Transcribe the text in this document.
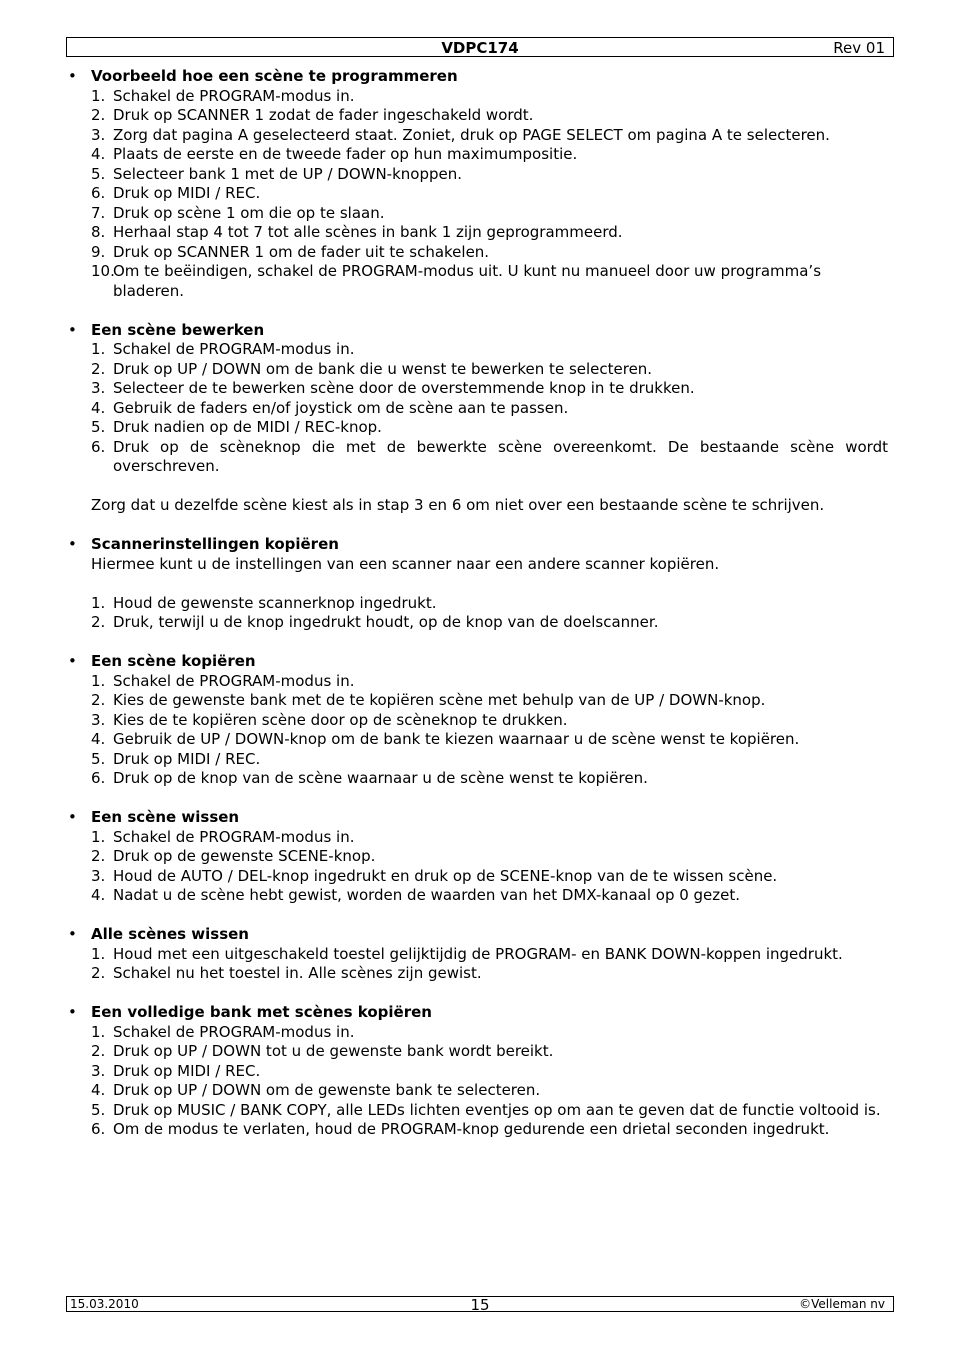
VDPC174	Rev 01
• Voorbeeld hoe een scène te programmeren
1. Schakel de PROGRAM-modus in.
2. Druk op SCANNER 1 zodat de fader ingeschakeld wordt.
3. Zorg dat pagina A geselecteerd staat. Zoniet, druk op PAGE SELECT om pagina A te selecteren.
4. Plaats de eerste en de tweede fader op hun maximumpositie.
5. Selecteer bank 1 met de UP / DOWN-knoppen.
6. Druk op MIDI / REC.
7. Druk op scène 1 om die op te slaan.
8. Herhaal stap 4 tot 7 tot alle scènes in bank 1 zijn geprogrammeerd.
9. Druk op SCANNER 1 om de fader uit te schakelen.
10.
Om te beëindigen, schakel de PROGRAM-modus uit. U kunt nu manueel door uw programma’s bladeren.
• Een scène bewerken
1. Schakel de PROGRAM-modus in.
2. Druk op UP / DOWN om de bank die u wenst te bewerken te selecteren.
3. Selecteer de te bewerken scène door de overstemmende knop in te drukken.
4. Gebruik de faders en/of joystick om de scène aan te passen.
5. Druk nadien op de MIDI / REC-knop.
6. Druk op de scèneknop die met de bewerkte scène overeenkomt. De bestaande scène wordt overschreven.
Zorg dat u dezelfde scène kiest als in stap 3 en 6 om niet over een bestaande scène te schrijven.
• Scannerinstellingen kopiëren
Hiermee kunt u de instellingen van een scanner naar een andere scanner kopiëren.
1. Houd de gewenste scannerknop ingedrukt.
2. Druk, terwijl u de knop ingedrukt houdt, op de knop van de doelscanner.
• Een scène kopiëren
1. Schakel de PROGRAM-modus in.
2. Kies de gewenste bank met de te kopiëren scène met behulp van de UP / DOWN-knop.
3. Kies de te kopiëren scène door op de scèneknop te drukken.
4. Gebruik de UP / DOWN-knop om de bank te kiezen waarnaar u de scène wenst te kopiëren.
5. Druk op MIDI / REC.
6. Druk op de knop van de scène waarnaar u de scène wenst te kopiëren.
• Een scène wissen
1. Schakel de PROGRAM-modus in.
2. Druk op de gewenste SCENE-knop.
3. Houd de AUTO / DEL-knop ingedrukt en druk op de SCENE-knop van de te wissen scène.
4. Nadat u de scène hebt gewist, worden de waarden van het DMX-kanaal op 0 gezet.
• Alle scènes wissen
1. Houd met een uitgeschakeld toestel gelijktijdig de PROGRAM- en BANK DOWN-koppen ingedrukt.
2. Schakel nu het toestel in. Alle scènes zijn gewist.
• Een volledige bank met scènes kopiëren
1. Schakel de PROGRAM-modus in.
2. Druk op UP / DOWN tot u de gewenste bank wordt bereikt.
3. Druk op MIDI / REC.
4. Druk op UP / DOWN om de gewenste bank te selecteren.
5. Druk op MUSIC / BANK COPY, alle LEDs lichten eventjes op om aan te geven dat de functie voltooid is.
6. Om de modus te verlaten, houd de PROGRAM-knop gedurende een drietal seconden ingedrukt.
15.03.2010	15	©Velleman nv
